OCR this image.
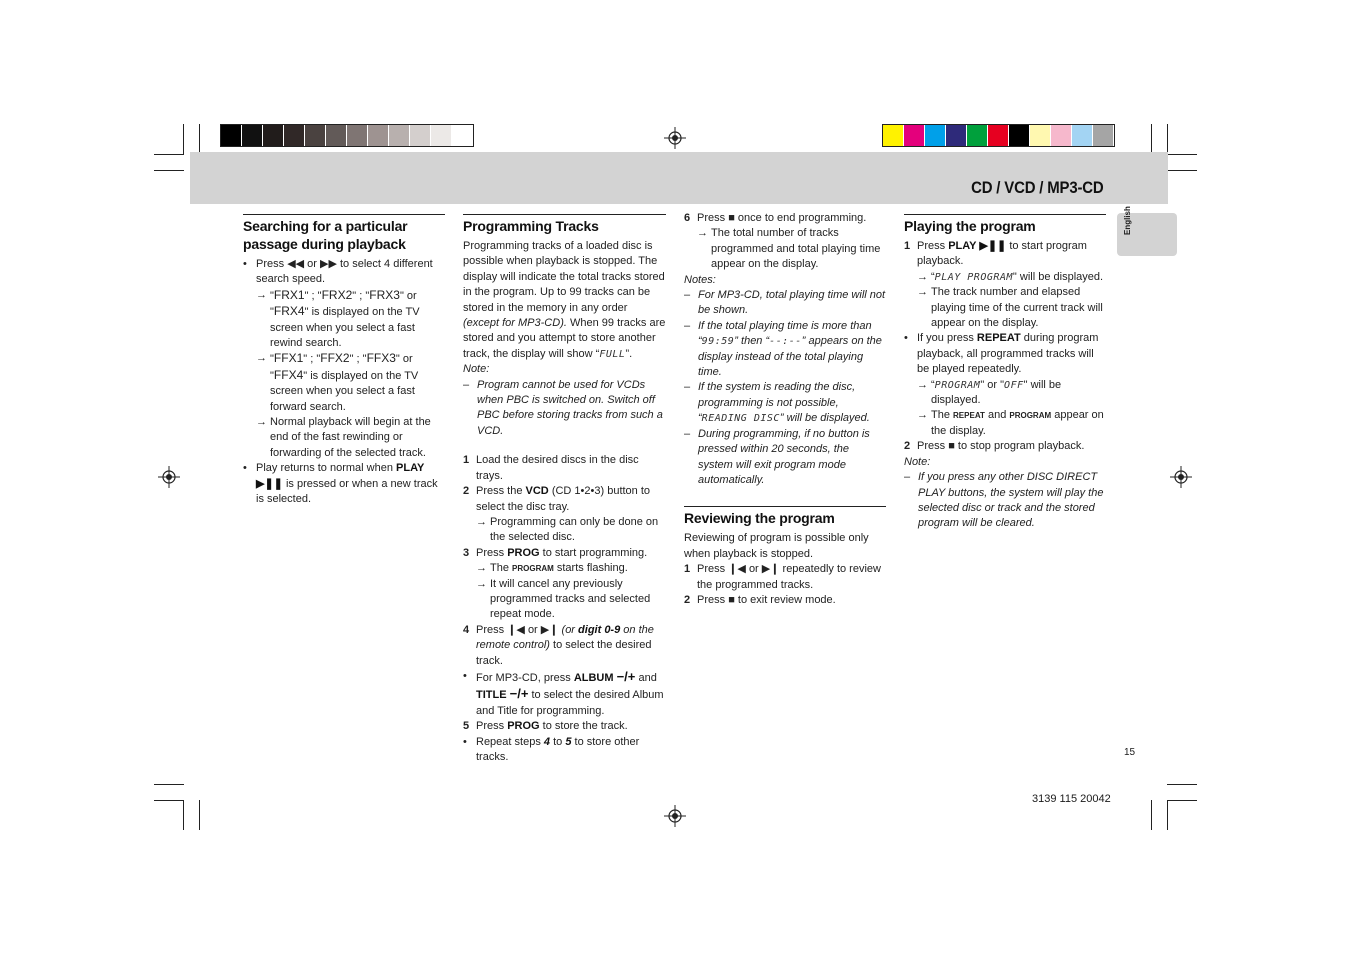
CD / VCD / MP3-CD
English
Searching for a particular
passage during playback
• Press ◀◀ or ▶▶ to select 4 different search speed.

→ "FRX1" ; "FRX2" ; "FRX3" or "FRX4" is displayed on the TV screen when you select a fast rewind search.

→ "FFX1" ; "FFX2" ; "FFX3" or "FFX4" is displayed on the TV screen when you select a fast forward search.

→ Normal playback will begin at the end of the fast rewinding or forwarding of the selected track.

• Play returns to normal when PLAY ▶❚❚ is pressed or when a new track is selected.

Programming Tracks

Programming tracks of a loaded disc is possible when playback is stopped. The display will indicate the total tracks stored in the program. Up to 99 tracks can be stored in the memory in any order (except for MP3-CD). When 99 tracks are stored and you attempt to store another track, the display will show “FULL”.

Note:

– Program cannot be used for VCDs when PBC is switched on. Switch off PBC before storing tracks from such a VCD.

1 Load the desired discs in the disc trays.

2 Press the VCD (CD 1•2•3) button to select the disc tray.

→ Programming can only be done on the selected disc.

3 Press PROG to start programming.

→ The PROGRAM starts flashing.

→ It will cancel any previously programmed tracks and selected repeat mode.

4 Press ❙◀ or ▶❙ (or digit 0-9 on the remote control) to select the desired track.

• For MP3-CD, press ALBUM −/+ and TITLE −/+ to select the desired Album and Title for programming.

5 Press PROG to store the track.

• Repeat steps 4 to 5 to store other tracks.

6 Press ■ once to end programming.

→ The total number of tracks programmed and total playing time appear on the display.

Notes:

– For MP3-CD, total playing time will not be shown.

– If the total playing time is more than “99:59” then “--:--” appears on the display instead of the total playing time.

– If the system is reading the disc, programming is not possible, “READING DISC” will be displayed.

– During programming, if no button is pressed within 20 seconds, the system will exit program mode automatically.

Reviewing the program

Reviewing of program is possible only when playback is stopped.

1 Press ❙◀ or ▶❙ repeatedly to review the programmed tracks.

2 Press ■ to exit review mode.

Playing the program
1 Press PLAY ▶❚❚ to start program playback.

→ “PLAY PROGRAM" will be displayed.

→ The track number and elapsed playing time of the current track will appear on the display.

• If you press REPEAT during program playback, all programmed tracks will be played repeatedly.

→ “PROGRAM" or "OFF" will be displayed.

→ The REPEAT and PROGRAM appear on the display.

2 Press ■ to stop program playback.

Note:

– If you press any other DISC DIRECT PLAY buttons, the system will play the selected disc or track and the stored program will be cleared.

15
3139 115 20042
